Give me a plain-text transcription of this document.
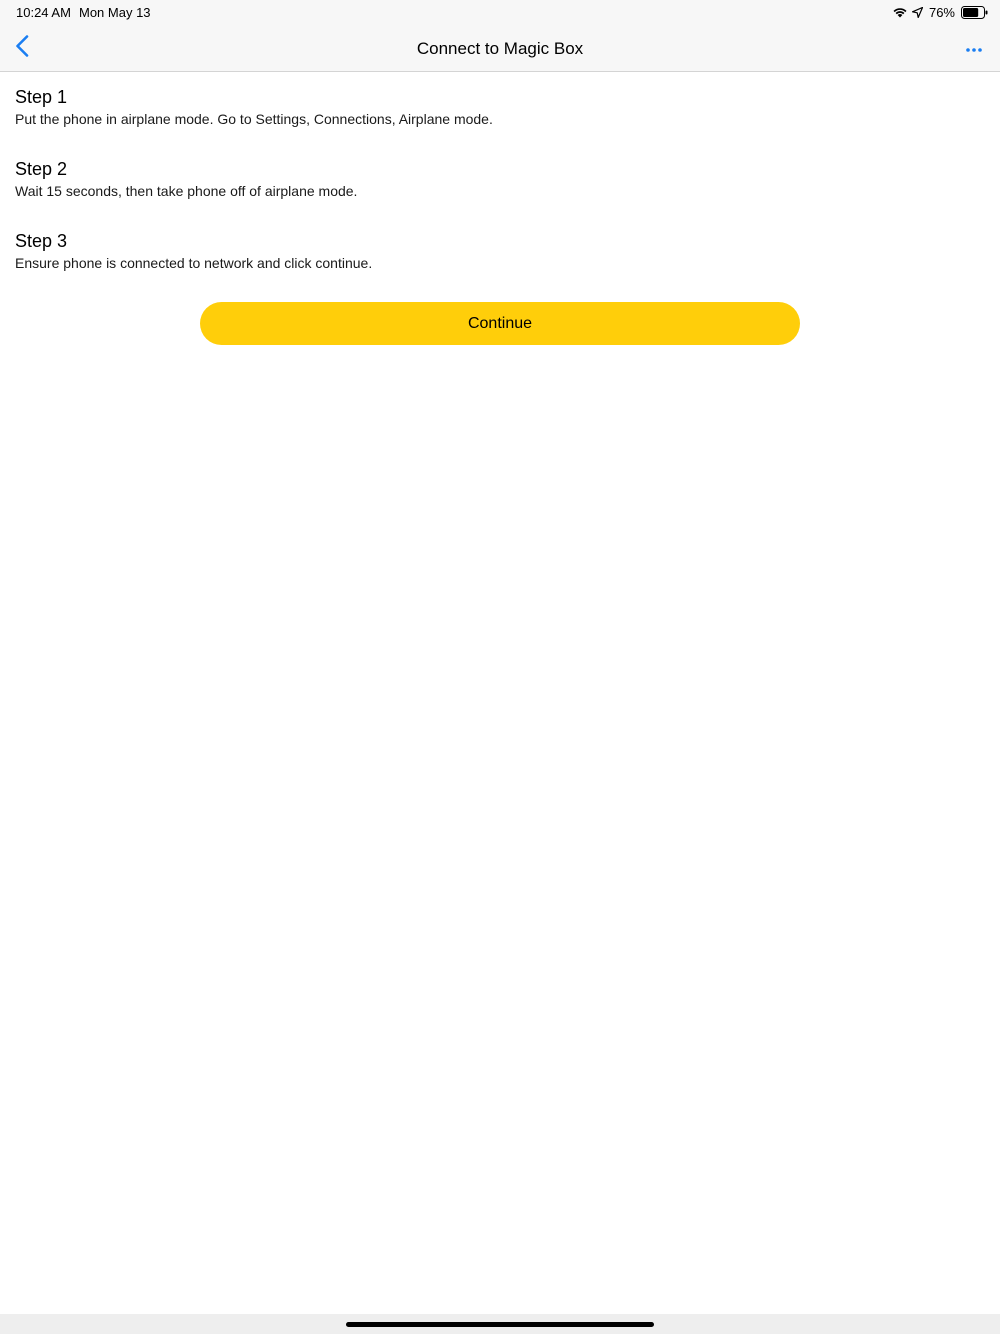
10:24 AM Mon May 13	76%
Connect to Magic Box
Step 1
Put the phone in airplane mode. Go to Settings, Connections, Airplane mode.
Step 2
Wait 15 seconds, then take phone off of airplane mode.
Step 3
Ensure phone is connected to network and click continue.
Continue
